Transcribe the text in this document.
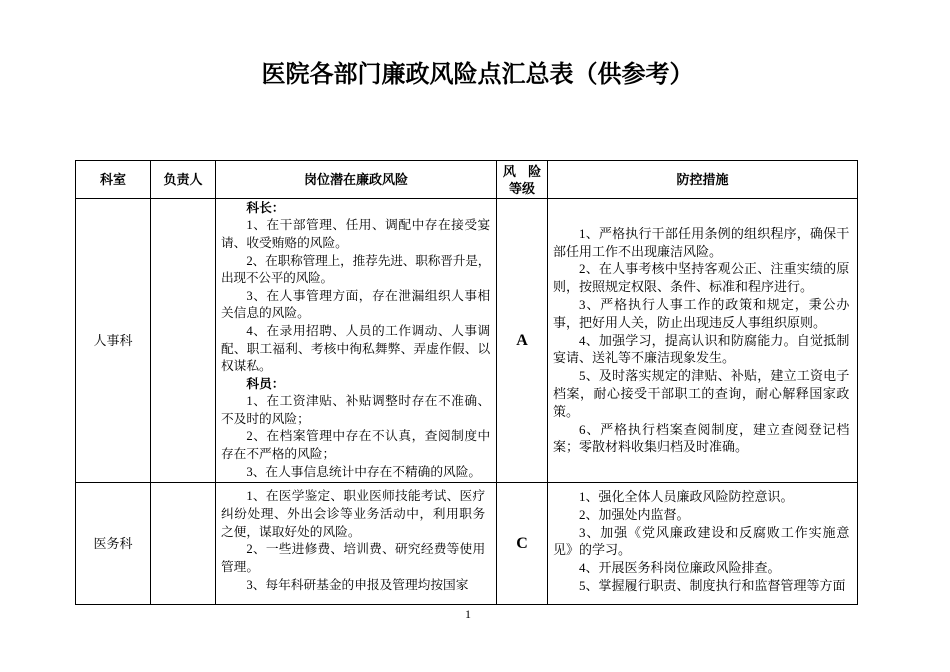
医院各部门廉政风险点汇总表（供参考）
科室	负责人	岗位潜在廉政风险
风 险
等级
防控措施
人事科

科长：

1、在干部管理、任用、调配中存在接受宴请、收受贿赂的风险。

2、在职称管理上，推荐先进、职称晋升是，出现不公平的风险。

3、在人事管理方面，存在泄漏组织人事相关信息的风险。

4、在录用招聘、人员的工作调动、人事调配、职工福利、考核中徇私舞弊、弄虚作假、以权谋私。

科员：

1、在工资津贴、补贴调整时存在不准确、不及时的风险；

2、在档案管理中存在不认真，查阅制度中存在不严格的风险；

3、在人事信息统计中存在不精确的风险。

A

1、严格执行干部任用条例的组织程序，确保干部任用工作不出现廉洁风险。

2、在人事考核中坚持客观公正、注重实绩的原则，按照规定权限、条件、标准和程序进行。

3、严格执行人事工作的政策和规定，秉公办事，把好用人关，防止出现违反人事组织原则。

4、加强学习，提高认识和防腐能力。自觉抵制宴请、送礼等不廉洁现象发生。

5、及时落实规定的津贴、补贴，建立工资电子档案，耐心接受干部职工的查询，耐心解释国家政策。

6、严格执行档案查阅制度，建立查阅登记档案；零散材料收集归档及时准确。

医务科

1、在医学鉴定、职业医师技能考试、医疗纠纷处理、外出会诊等业务活动中，利用职务之便，谋取好处的风险。

2、一些进修费、培训费、研究经费等使用管理。

3、每年科研基金的申报及管理均按国家

C

1、强化全体人员廉政风险防控意识。

2、加强处内监督。

3、加强《党风廉政建设和反腐败工作实施意见》的学习。

4、开展医务科岗位廉政风险排查。

5、掌握履行职责、制度执行和监督管理等方面

1
